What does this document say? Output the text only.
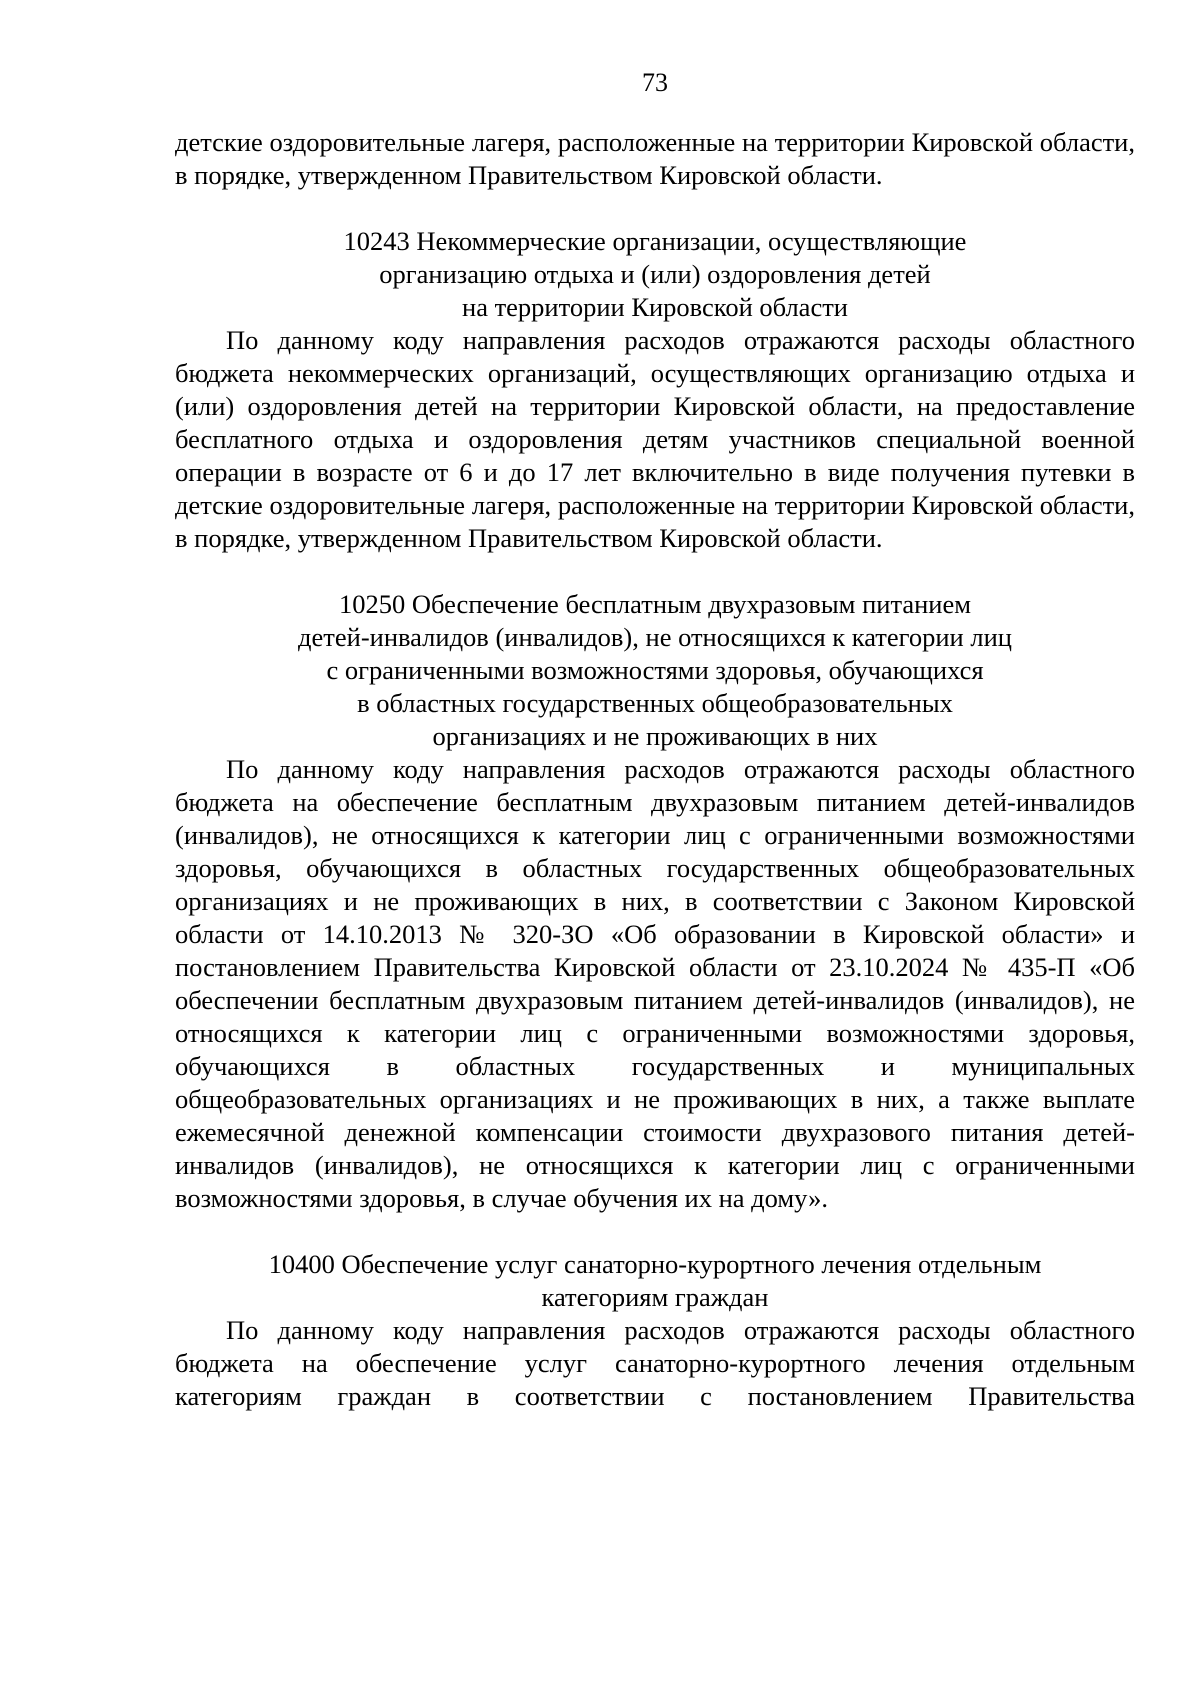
73

детские оздоровительные лагеря, расположенные на территории Кировской области, в порядке, утвержденном Правительством Кировской области.

10243 Некоммерческие организации, осуществляющие
организацию отдыха и (или) оздоровления детей
на территории Кировской области

По данному коду направления расходов отражаются расходы областного бюджета некоммерческих организаций, осуществляющих организацию отдыха и (или) оздоровления детей на территории Кировской области, на предоставление бесплатного отдыха и оздоровления детям участников специальной военной операции в возрасте от 6 и до 17 лет включительно в виде получения путевки в детские оздоровительные лагеря, расположенные на территории Кировской области, в порядке, утвержденном Правительством Кировской области.

10250 Обеспечение бесплатным двухразовым питанием
детей-инвалидов (инвалидов), не относящихся к категории лиц
с ограниченными возможностями здоровья, обучающихся
в областных государственных общеобразовательных
организациях и не проживающих в них

По данному коду направления расходов отражаются расходы областного бюджета на обеспечение бесплатным двухразовым питанием детей-инвалидов (инвалидов), не относящихся к категории лиц с ограниченными возможностями здоровья, обучающихся в областных государственных общеобразовательных организациях и не проживающих в них, в соответствии с Законом Кировской области от 14.10.2013 № 320-ЗО «Об образовании в Кировской области» и постановлением Правительства Кировской области от 23.10.2024 № 435-П «Об обеспечении бесплатным двухразовым питанием детей-инвалидов (инвалидов), не относящихся к категории лиц с ограниченными возможностями здоровья, обучающихся в областных государственных и муниципальных общеобразовательных организациях и не проживающих в них, а также выплате ежемесячной денежной компенсации стоимости двухразового питания детей-инвалидов (инвалидов), не относящихся к категории лиц с ограниченными возможностями здоровья, в случае обучения их на дому».

10400 Обеспечение услуг санаторно-курортного лечения отдельным
категориям граждан

По данному коду направления расходов отражаются расходы областного бюджета на обеспечение услуг санаторно-курортного лечения отдельным категориям граждан в соответствии с постановлением Правительства
